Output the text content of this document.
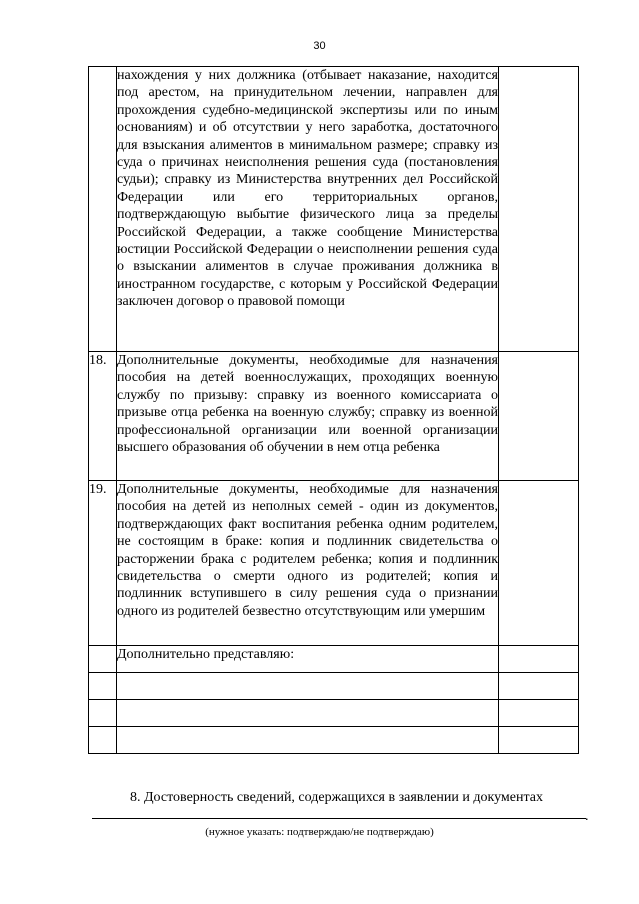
30
	нахождения у них должника (отбывает наказание, находится под арестом, на принудительном лечении, направлен для прохождения судебно-медицинской экспертизы или по иным основаниям) и об отсутствии у него заработка, достаточного для взыскания алиментов в минимальном размере; справку из суда о причинах неисполнения решения суда (постановления судьи); справку из Министерства внутренних дел Российской Федерации или его территориальных органов, подтверждающую выбытие физического лица за пределы Российской Федерации, а также сообщение Министерства юстиции Российской Федерации о неисполнении решения суда о взыскании алиментов в случае проживания должника в иностранном государстве, с которым у Российской Федерации заключен договор о правовой помощи	
18.	Дополнительные документы, необходимые для назначения пособия на детей военнослужащих, проходящих военную службу по призыву: справку из военного комиссариата о призыве отца ребенка на военную службу; справку из военной профессиональной организации или военной организации высшего образования об обучении в нем отца ребенка	
19.	Дополнительные документы, необходимые для назначения пособия на детей из неполных семей - один из документов, подтверждающих факт воспитания ребенка одним родителем, не состоящим в браке: копия и подлинник свидетельства о расторжении брака с родителем ребенка; копия и подлинник свидетельства о смерти одного из родителей; копия и подлинник вступившего в силу решения суда о признании одного из родителей безвестно отсутствующим или умершим	
	Дополнительно представляю:	

8. Достоверность сведений, содержащихся в заявлении и документах
.
(нужное указать: подтверждаю/не подтверждаю)
